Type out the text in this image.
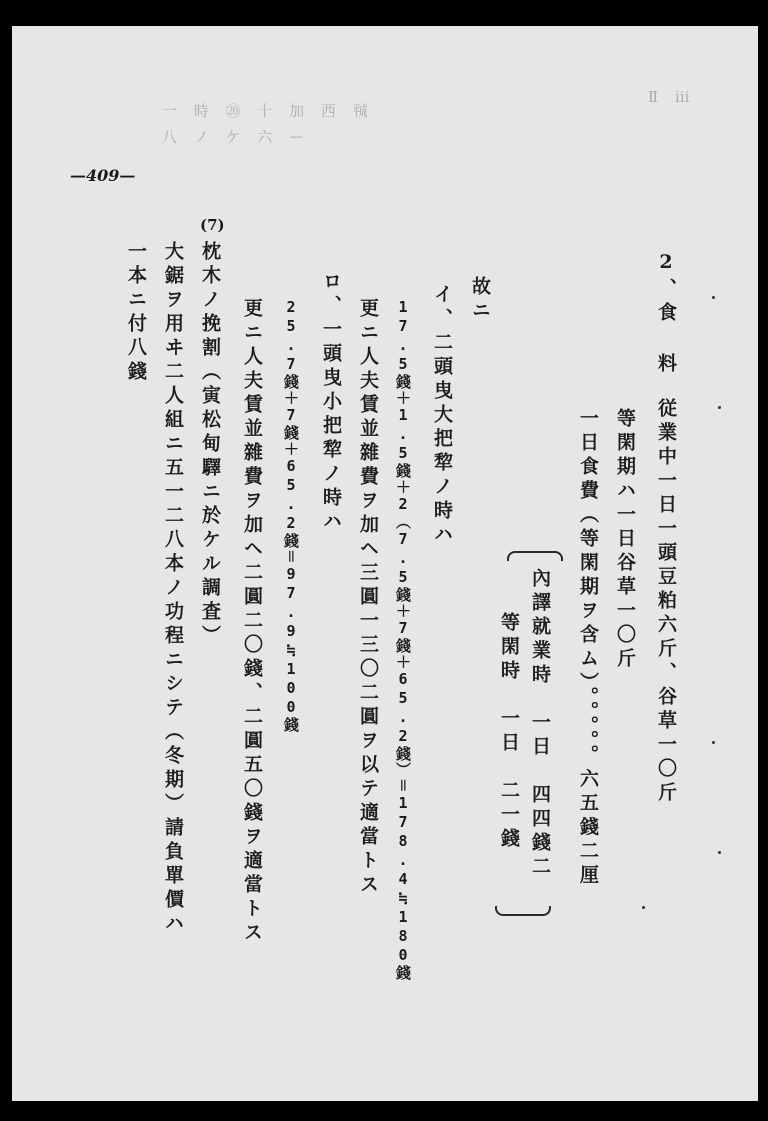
Ⅱ ⅲ
一 時 ⑳ 十 加 西 ㍻
八 ノ ケ 六 ー
—409—
2、食 料
従業中一日一頭豆粕六斤、谷草一〇斤
等閑期ハ一日谷草一〇斤
一日食費（等閑期ヲ含ム）。。。。。六五錢二厘
內譯就業時　一日　四四錢二
等閑時　一日　二一錢
故ニ
イ、二頭曳大把犂ノ時ハ
17.5錢＋1.5錢＋2（7.5錢＋7錢＋65.2錢）＝178.4≒180錢
更ニ人夫賃並雜費ヲ加ヘ三圓一三〇二圓ヲ以テ適當トス
ロ、一頭曳小把犂ノ時ハ
25.7錢＋7錢＋65.2錢＝97.9≒100錢
更ニ人夫賃並雜費ヲ加ヘ二圓二〇錢、二圓五〇錢ヲ適當トス
(7)
枕木ノ挽割（寅松甸驛ニ於ケル調査）
大鋸ヲ用ヰ二人組ニ五一二八本ノ功程ニシテ（冬期）請負單價ハ
一本ニ付八錢
